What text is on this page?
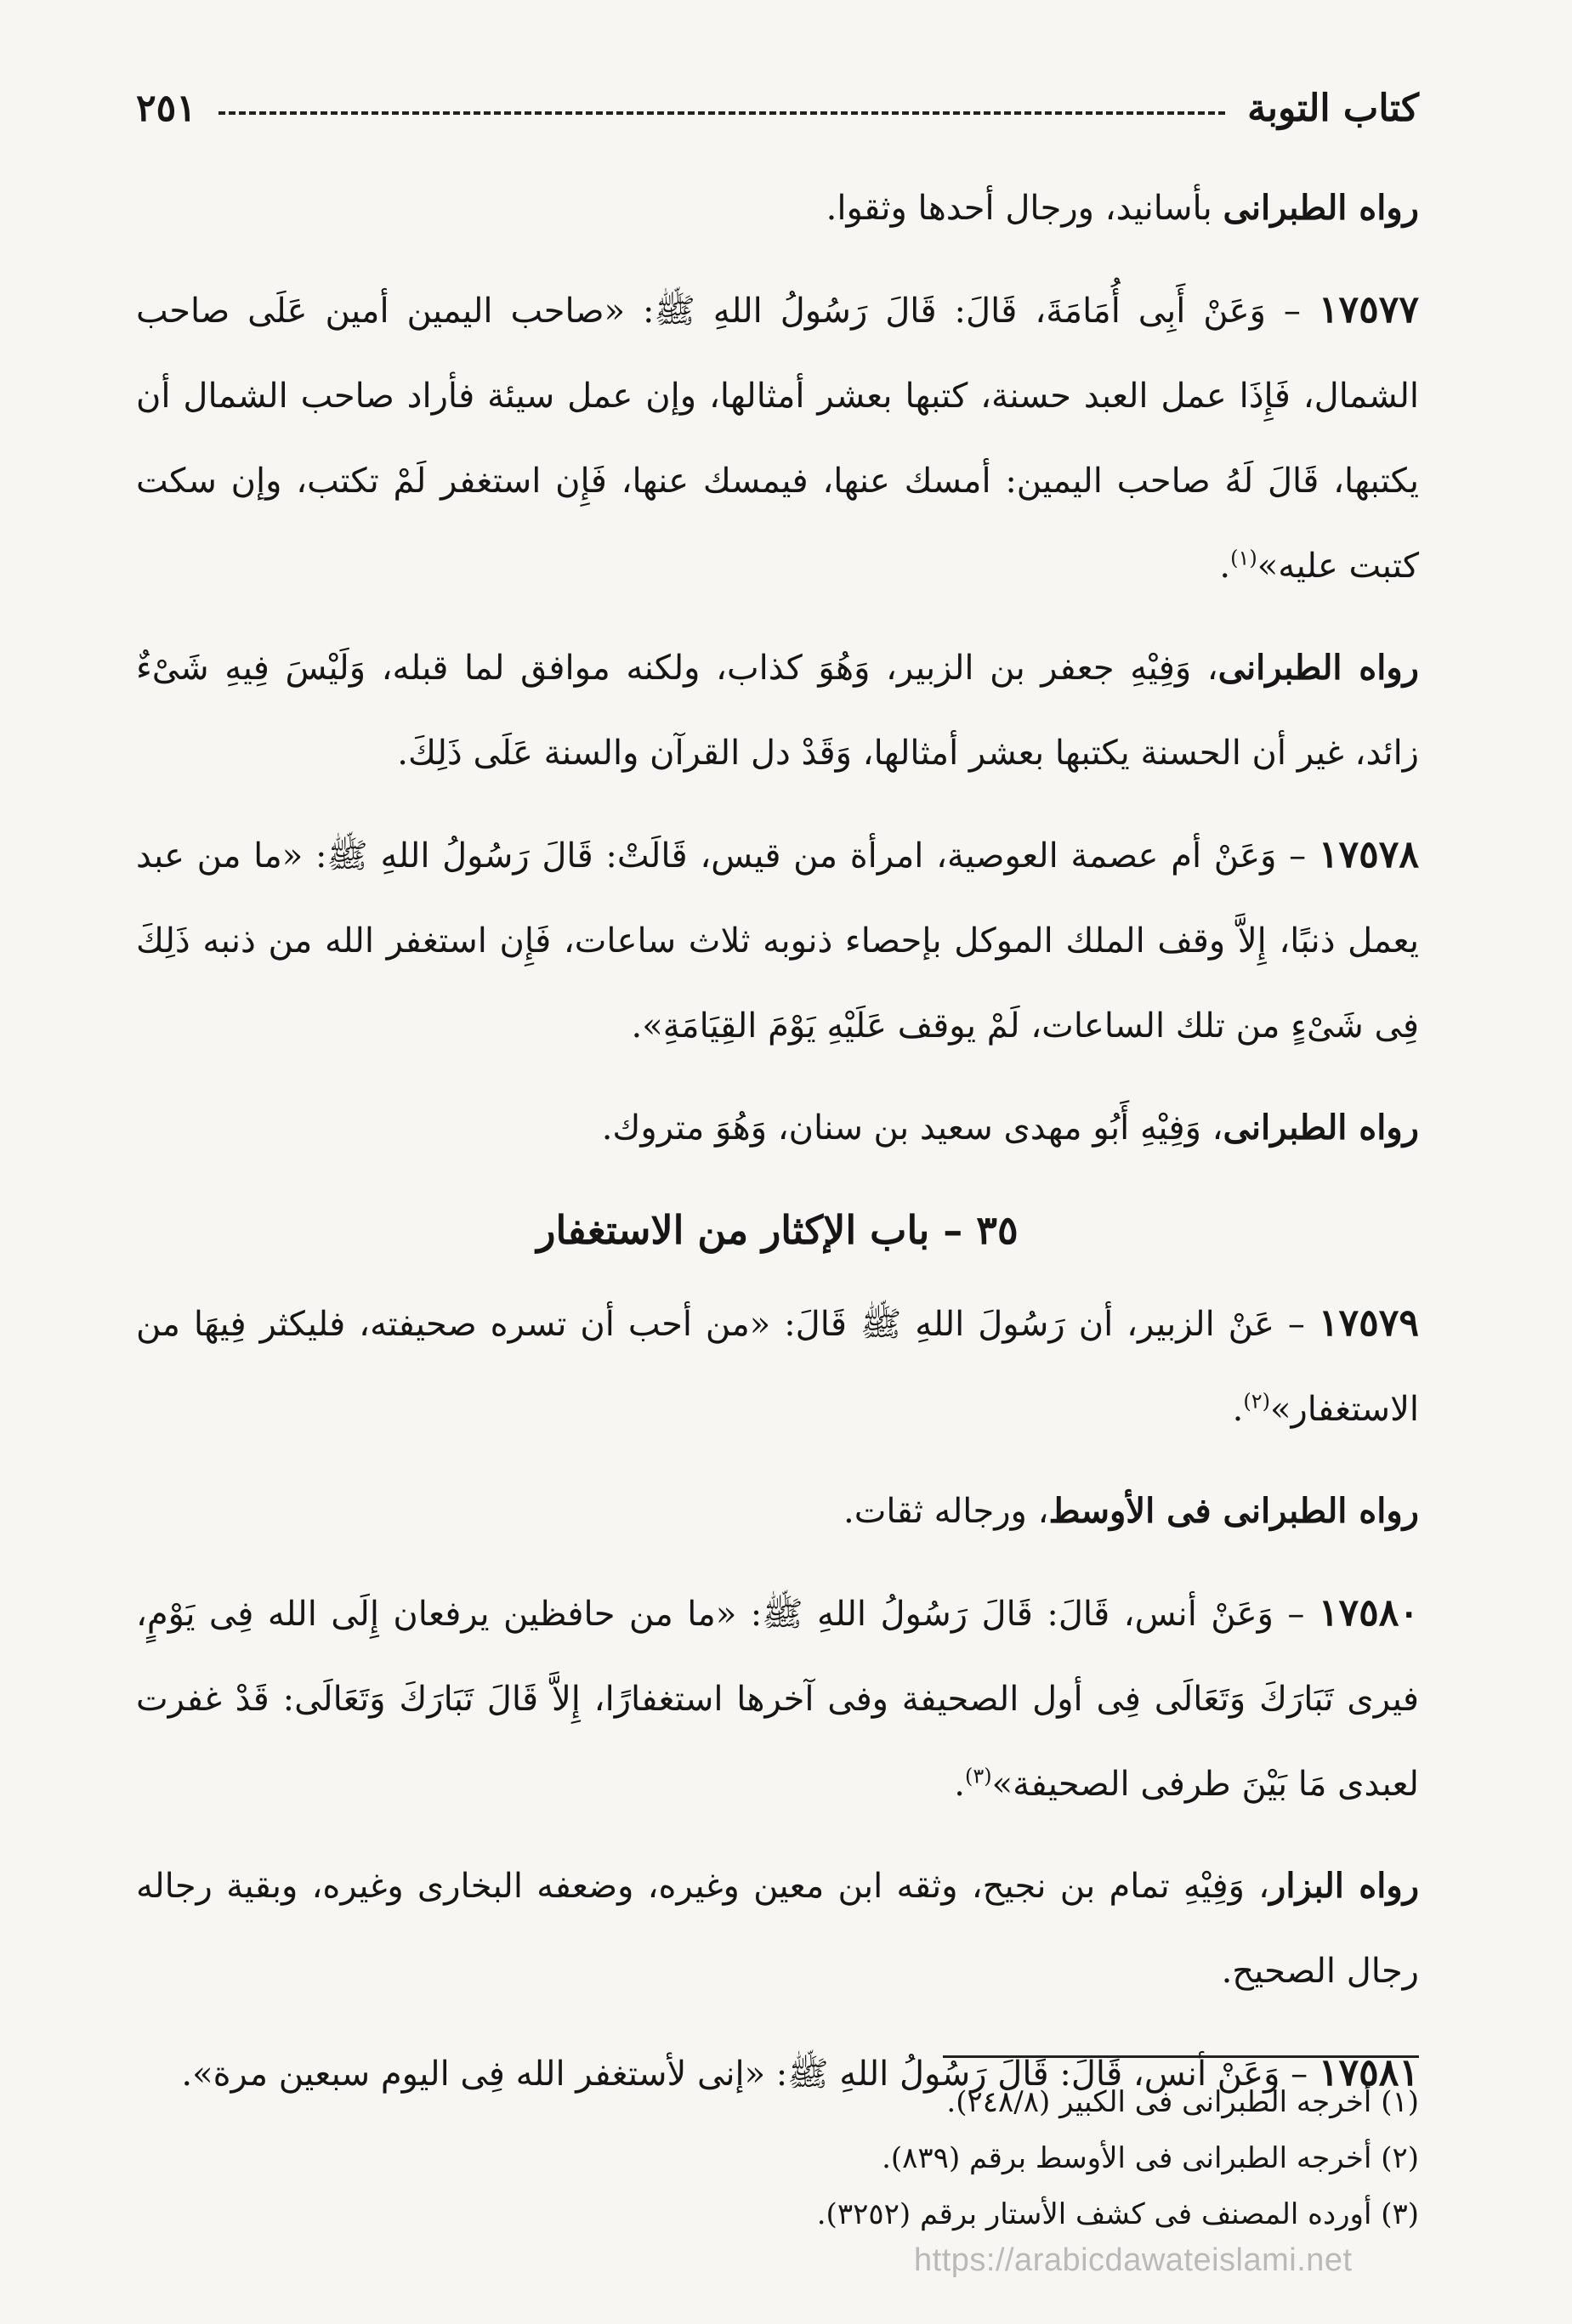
كتاب التوبة
٢٥١

رواه الطبرانى بأسانيد، ورجال أحدها وثقوا.

١٧٥٧٧ – وَعَنْ أَبِى أُمَامَةَ، قَالَ: قَالَ رَسُولُ اللهِ ﷺ: «صاحب اليمين أمين عَلَى صاحب الشمال، فَإِذَا عمل العبد حسنة، كتبها بعشر أمثالها، وإن عمل سيئة فأراد صاحب الشمال أن يكتبها، قَالَ لَهُ صاحب اليمين: أمسك عنها، فيمسك عنها، فَإِن استغفر لَمْ تكتب، وإن سكت كتبت عليه»$^{(١)}$.

رواه الطبرانى، وَفِيْهِ جعفر بن الزبير، وَهُوَ كذاب، ولكنه موافق لما قبله، وَلَيْسَ فِيهِ شَىْءٌ زائد، غير أن الحسنة يكتبها بعشر أمثالها، وَقَدْ دل القرآن والسنة عَلَى ذَلِكَ.

١٧٥٧٨ – وَعَنْ أم عصمة العوصية، امرأة من قيس، قَالَتْ: قَالَ رَسُولُ اللهِ ﷺ: «ما من عبد يعمل ذنبًا، إِلاَّ وقف الملك الموكل بإحصاء ذنوبه ثلاث ساعات، فَإِن استغفر الله من ذنبه ذَلِكَ فِى شَىْءٍ من تلك الساعات، لَمْ يوقف عَلَيْهِ يَوْمَ القِيَامَةِ».

رواه الطبرانى، وَفِيْهِ أَبُو مهدى سعيد بن سنان، وَهُوَ متروك.

٣٥ – باب الإكثار من الاستغفار

١٧٥٧٩ – عَنْ الزبير، أن رَسُولَ اللهِ ﷺ قَالَ: «من أحب أن تسره صحيفته، فليكثر فِيهَا من الاستغفار»$^{(٢)}$.

رواه الطبرانى فى الأوسط، ورجاله ثقات.

١٧٥٨٠ – وَعَنْ أنس، قَالَ: قَالَ رَسُولُ اللهِ ﷺ: «ما من حافظين يرفعان إِلَى الله فِى يَوْمٍ، فيرى تَبَارَكَ وَتَعَالَى فِى أول الصحيفة وفى آخرها استغفارًا، إِلاَّ قَالَ تَبَارَكَ وَتَعَالَى: قَدْ غفرت لعبدى مَا بَيْنَ طرفى الصحيفة»$^{(٣)}$.

رواه البزار، وَفِيْهِ تمام بن نجيح، وثقه ابن معين وغيره، وضعفه البخارى وغيره، وبقية رجاله رجال الصحيح.

١٧٥٨١ – وَعَنْ أنس، قَالَ: قَالَ رَسُولُ اللهِ ﷺ: «إنى لأستغفر الله فِى اليوم سبعين مرة».

(١) أخرجه الطبرانى فى الكبير (٢٤٨/٨).

(٢) أخرجه الطبرانى فى الأوسط برقم (٨٣٩).

(٣) أورده المصنف فى كشف الأستار برقم (٣٢٥٢).

https://arabicdawateislami.net
